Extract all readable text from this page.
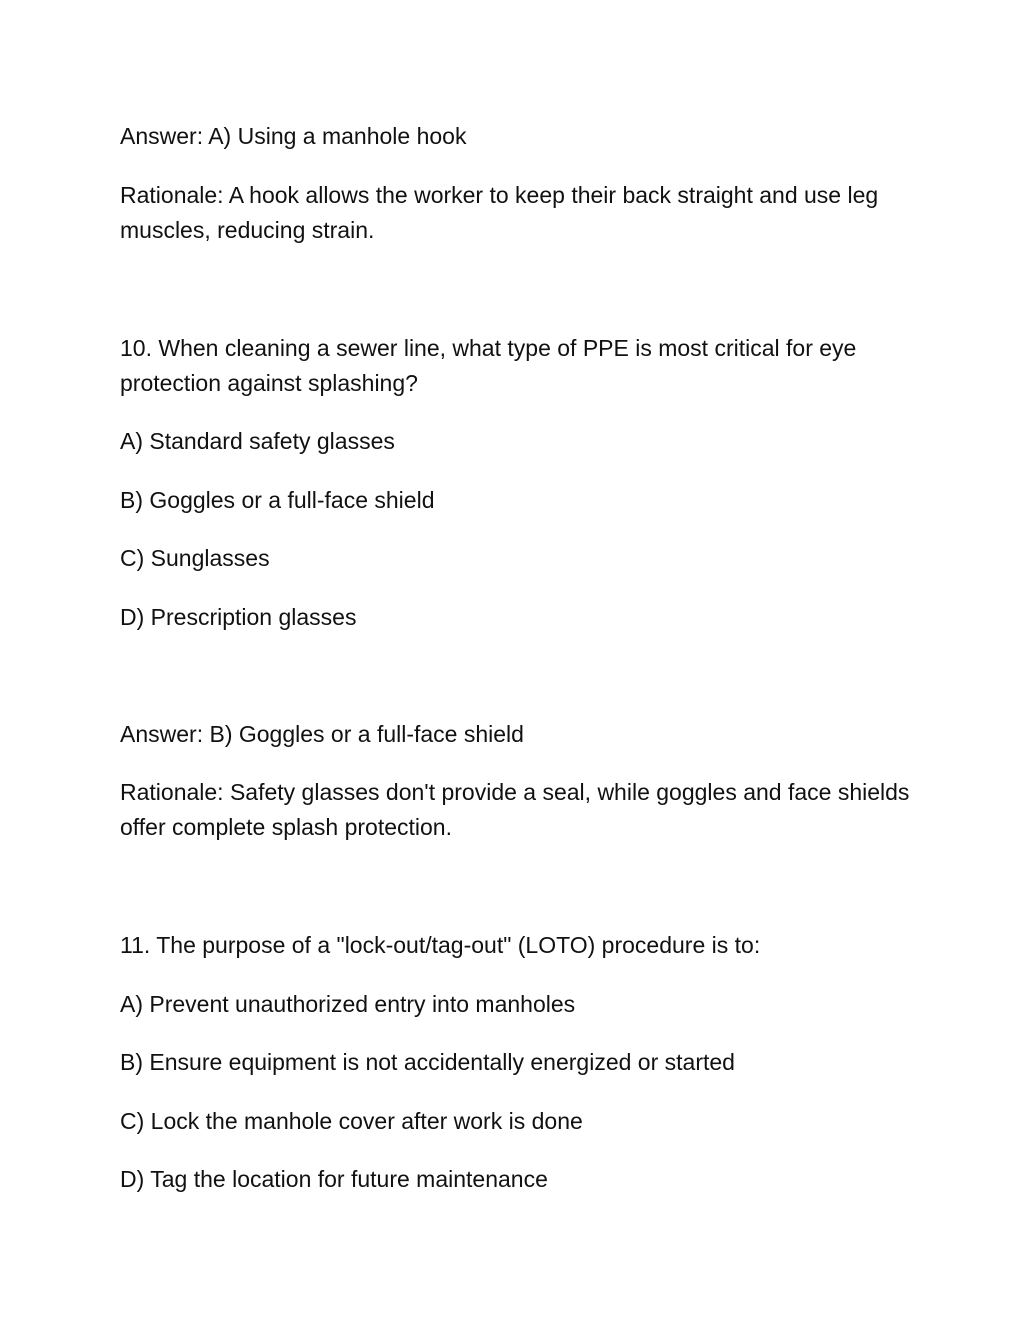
Answer: A) Using a manhole hook

Rationale: A hook allows the worker to keep their back straight and use leg muscles, reducing strain.

10. When cleaning a sewer line, what type of PPE is most critical for eye protection against splashing?

A) Standard safety glasses

B) Goggles or a full-face shield

C) Sunglasses

D) Prescription glasses

Answer: B) Goggles or a full-face shield

Rationale: Safety glasses don't provide a seal, while goggles and face shields offer complete splash protection.

11. The purpose of a "lock-out/tag-out" (LOTO) procedure is to:

A) Prevent unauthorized entry into manholes

B) Ensure equipment is not accidentally energized or started

C) Lock the manhole cover after work is done

D) Tag the location for future maintenance
